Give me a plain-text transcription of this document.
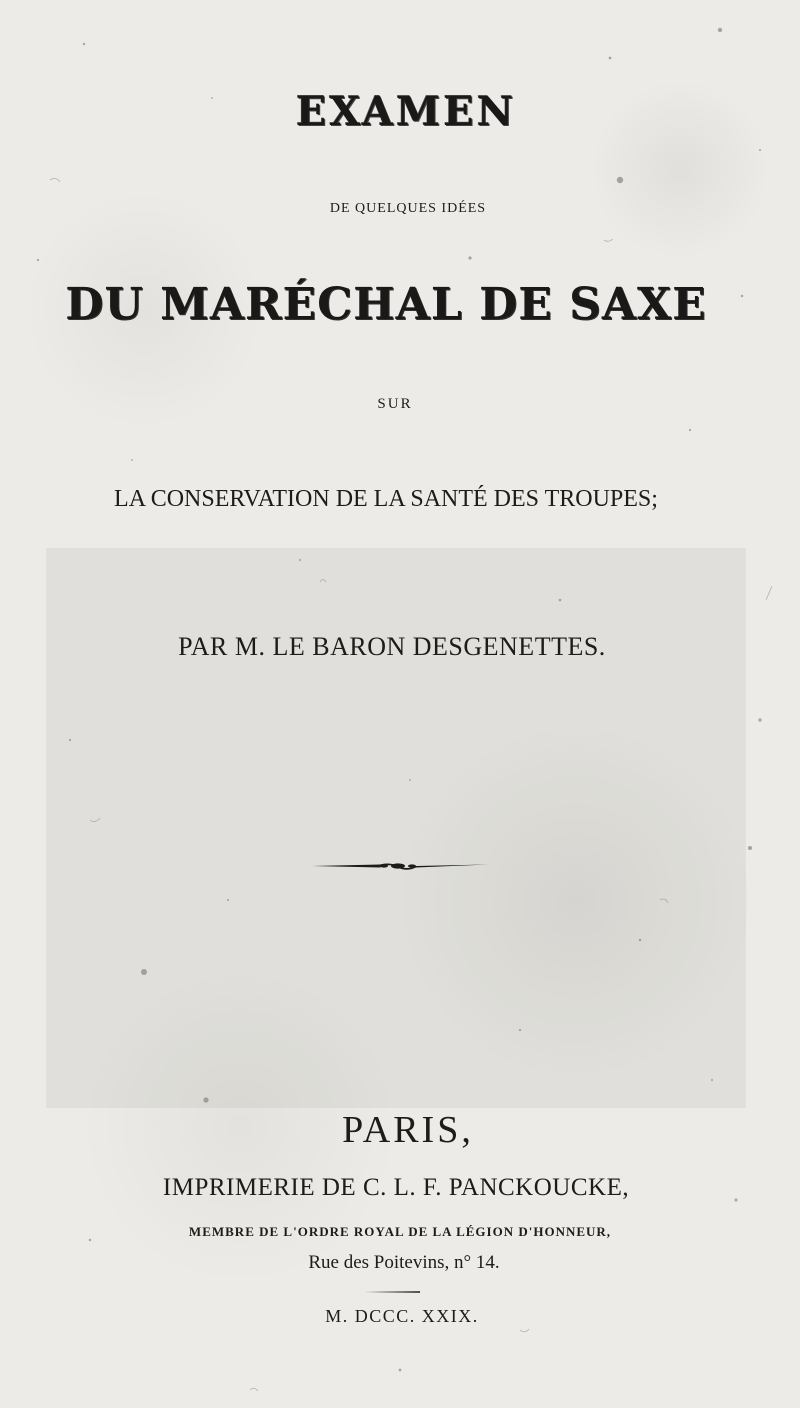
EXAMEN
DE QUELQUES IDÉES
DU MARÉCHAL DE SAXE
SUR
LA CONSERVATION DE LA SANTÉ DES TROUPES;
PAR M. LE BARON DESGENETTES.
PARIS,
IMPRIMERIE DE C. L. F. PANCKOUCKE,
MEMBRE DE L'ORDRE ROYAL DE LA LÉGION D'HONNEUR,
Rue des Poitevins, n° 14.
M. DCCC. XXIX.
